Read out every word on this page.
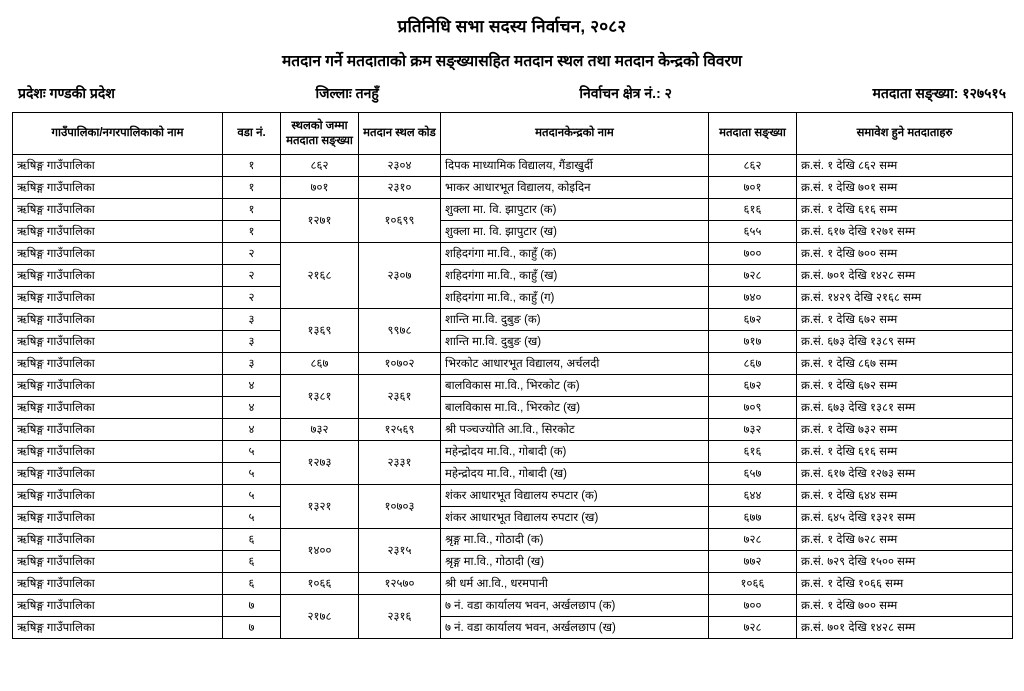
प्रतिनिधि सभा सदस्य निर्वाचन, २०८२
मतदान गर्ने मतदाताको क्रम सङ्ख्यासहित मतदान स्थल तथा मतदान केन्द्रको विवरण
प्रदेशः गण्डकी प्रदेश	जिल्लाः तनहुँ	निर्वाचन क्षेत्र नं.: २	मतदाता सङ्ख्या: १२७५१५
गाउँपालिका/नगरपालिकाको नाम	वडा नं.	स्थलको जम्मा मतदाता सङ्ख्या	मतदान स्थल कोड	मतदानकेन्द्रको नाम	मतदाता सङ्ख्या	समावेश हुने मतदाताहरु
ऋषिङ्ग गाउँपालिका	१	८६२	२३०४	दिपक माध्यामिक विद्यालय, गैंडाखुर्दी	८६२	क्र.सं. १ देखि ८६२ सम्म
ऋषिङ्ग गाउँपालिका	१	७०१	२३१०	भाकर आधारभूत विद्यालय, कोइदिन	७०१	क्र.सं. १ देखि ७०१ सम्म
ऋषिङ्ग गाउँपालिका	१	१२७१	१०६९९	शुक्ला मा. वि. झापुटार (क)	६१६	क्र.सं. १ देखि ६१६ सम्म
ऋषिङ्ग गाउँपालिका	१			शुक्ला मा. वि. झापुटार (ख)	६५५	क्र.सं. ६१७ देखि १२७१ सम्म
ऋषिङ्ग गाउँपालिका	२	२१६८	२३०७	शहिदगंगा मा.वि., काहुँ (क)	७००	क्र.सं. १ देखि ७०० सम्म
ऋषिङ्ग गाउँपालिका	२			शहिदगंगा मा.वि., काहुँ (ख)	७२८	क्र.सं. ७०१ देखि १४२८ सम्म
ऋषिङ्ग गाउँपालिका	२			शहिदगंगा मा.वि., काहुँ (ग)	७४०	क्र.सं. १४२९ देखि २१६८ सम्म
ऋषिङ्ग गाउँपालिका	३	१३६९	९९७८	शान्ति मा.वि. दुबुङ (क)	६७२	क्र.सं. १ देखि ६७२ सम्म
ऋषिङ्ग गाउँपालिका	३			शान्ति मा.वि. दुबुङ (ख)	७१७	क्र.सं. ६७३ देखि १३८९ सम्म
ऋषिङ्ग गाउँपालिका	३	८६७	१०७०२	भिरकोट आधारभूत विद्यालय, अर्चलदी	८६७	क्र.सं. १ देखि ८६७ सम्म
ऋषिङ्ग गाउँपालिका	४	१३८१	२३६१	बालविकास मा.वि., भिरकोट (क)	६७२	क्र.सं. १ देखि ६७२ सम्म
ऋषिङ्ग गाउँपालिका	४			बालविकास मा.वि., भिरकोट (ख)	७०९	क्र.सं. ६७३ देखि १३८१ सम्म
ऋषिङ्ग गाउँपालिका	४	७३२	१२५६९	श्री पञ्चज्योति आ.वि., सिरकोट	७३२	क्र.सं. १ देखि ७३२ सम्म
ऋषिङ्ग गाउँपालिका	५	१२७३	२३३१	महेन्द्रोदय मा.वि., गोबादी (क)	६१६	क्र.सं. १ देखि ६१६ सम्म
ऋषिङ्ग गाउँपालिका	५			महेन्द्रोदय मा.वि., गोबादी (ख)	६५७	क्र.सं. ६१७ देखि १२७३ सम्म
ऋषिङ्ग गाउँपालिका	५	१३२१	१०७०३	शंकर आधारभूत विद्यालय रुपटार (क)	६४४	क्र.सं. १ देखि ६४४ सम्म
ऋषिङ्ग गाउँपालिका	५			शंकर आधारभूत विद्यालय रुपटार (ख)	६७७	क्र.सं. ६४५ देखि १३२१ सम्म
ऋषिङ्ग गाउँपालिका	६	१४००	२३१५	श्रृङ्ग मा.वि., गोठादी (क)	७२८	क्र.सं. १ देखि ७२८ सम्म
ऋषिङ्ग गाउँपालिका	६			श्रृङ्ग मा.वि., गोठादी (ख)	७७२	क्र.सं. ७२९ देखि १५०० सम्म
ऋषिङ्ग गाउँपालिका	६	१०६६	१२५७०	श्री धर्म आ.वि., धरमपानी	१०६६	क्र.सं. १ देखि १०६६ सम्म
ऋषिङ्ग गाउँपालिका	७	२१७८	२३१६	७ नं. वडा कार्यालय भवन, अर्खलछाप (क)	७००	क्र.सं. १ देखि ७०० सम्म
ऋषिङ्ग गाउँपालिका	७			७ नं. वडा कार्यालय भवन, अर्खलछाप (ख)	७२८	क्र.सं. ७०१ देखि १४२८ सम्म
